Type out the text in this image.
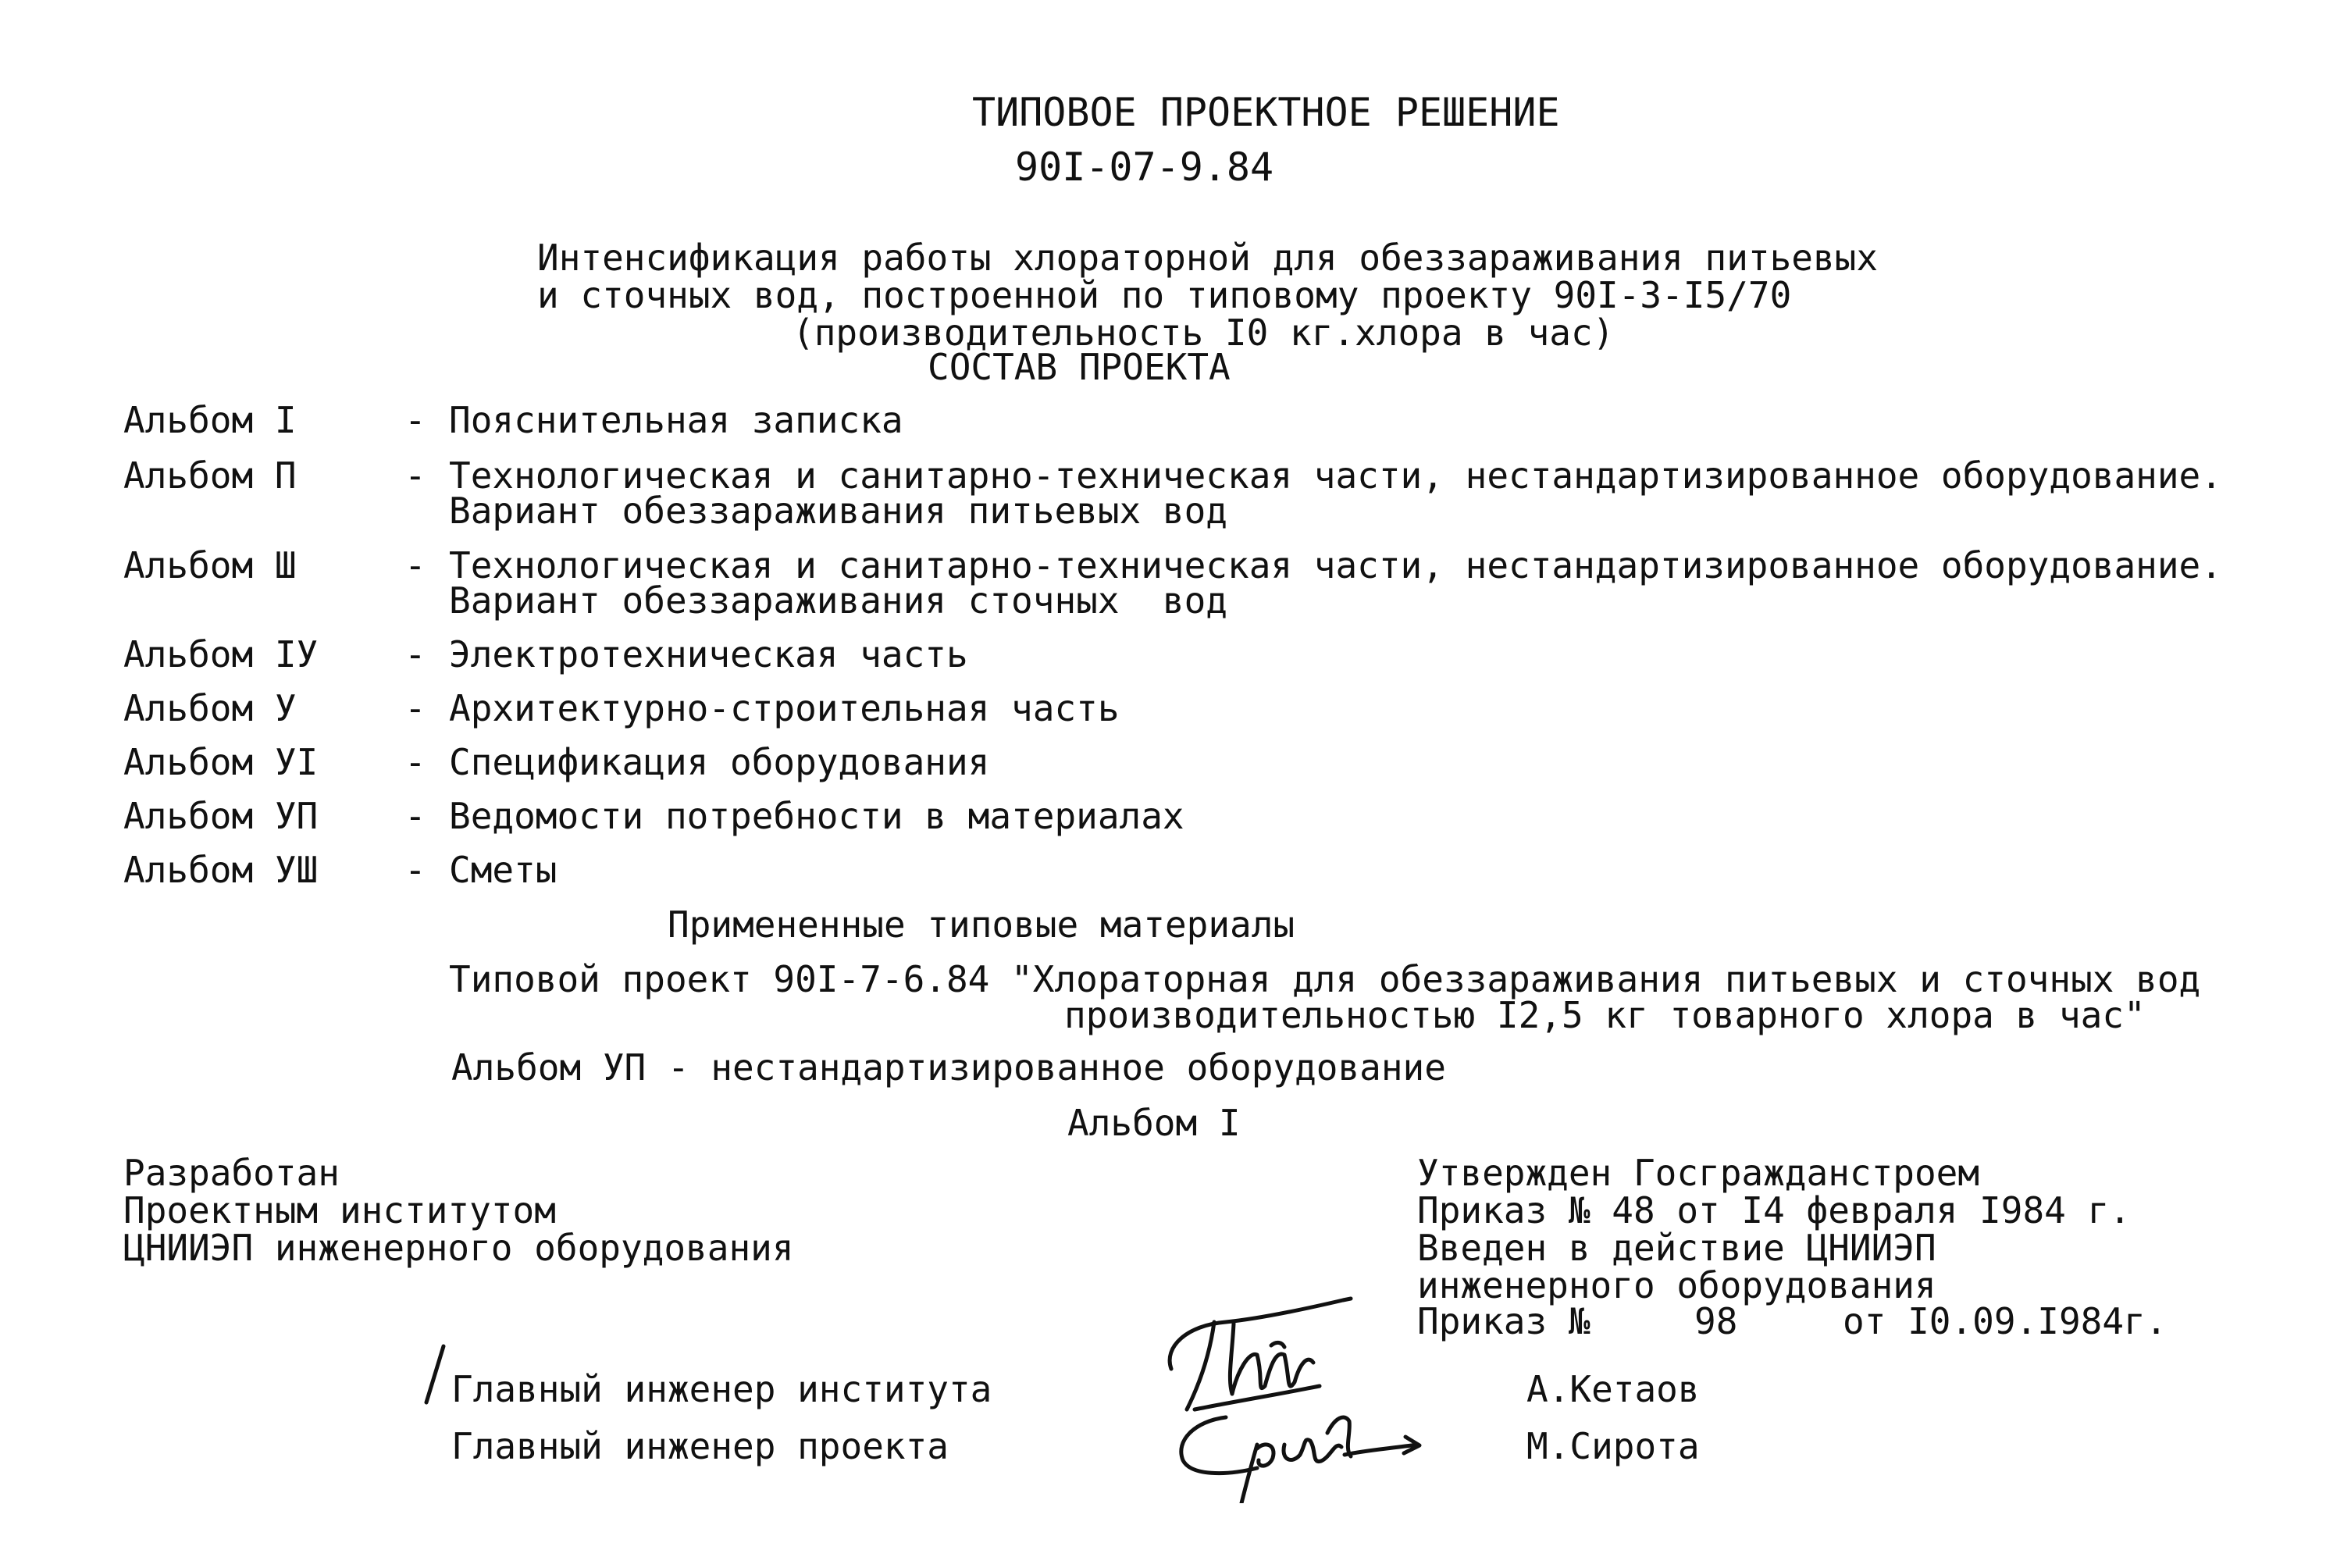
ТИПОВОЕ ПРОЕКТНОЕ РЕШЕНИЕ
90I-07-9.84
Интенсификация работы хлораторной для обеззараживания питьевых
и сточных вод, построенной по типовому проекту 90I-3-I5/70
(производительность I0 кг.хлора в час)
СОСТАВ ПРОЕКТА
Альбом I	- Пояснительная записка
Альбом П	- Технологическая и санитарно-техническая части, нестандартизированное оборудование.
Вариант обеззараживания питьевых вод
Альбом Ш	- Технологическая и санитарно-техническая части, нестандартизированное оборудование.
Вариант обеззараживания сточных  вод
Альбом IУ - Электротехническая часть
Альбом У	- Архитектурно-строительная часть
Альбом УI - Спецификация оборудования
Альбом УП - Ведомости потребности в материалах
Альбом УШ - Сметы
Примененные типовые материалы
Типовой проект 90I-7-6.84 "Хлораторная для обеззараживания питьевых и сточных вод
производительностью I2,5 кг товарного хлора в час"
Альбом УП - нестандартизированное оборудование
Альбом I
Разработан
Проектным институтом
ЦНИИЭП инженерного оборудования
Утвержден Госгражданстроем
Приказ № 48 от I4 февраля I984 г.
Введен в действие ЦНИИЭП
инженерного оборудования
Приказ №	98	от I0.09.I984г.
Главный инженер института
Главный инженер проекта
А.Кетаов
М.Сирота
